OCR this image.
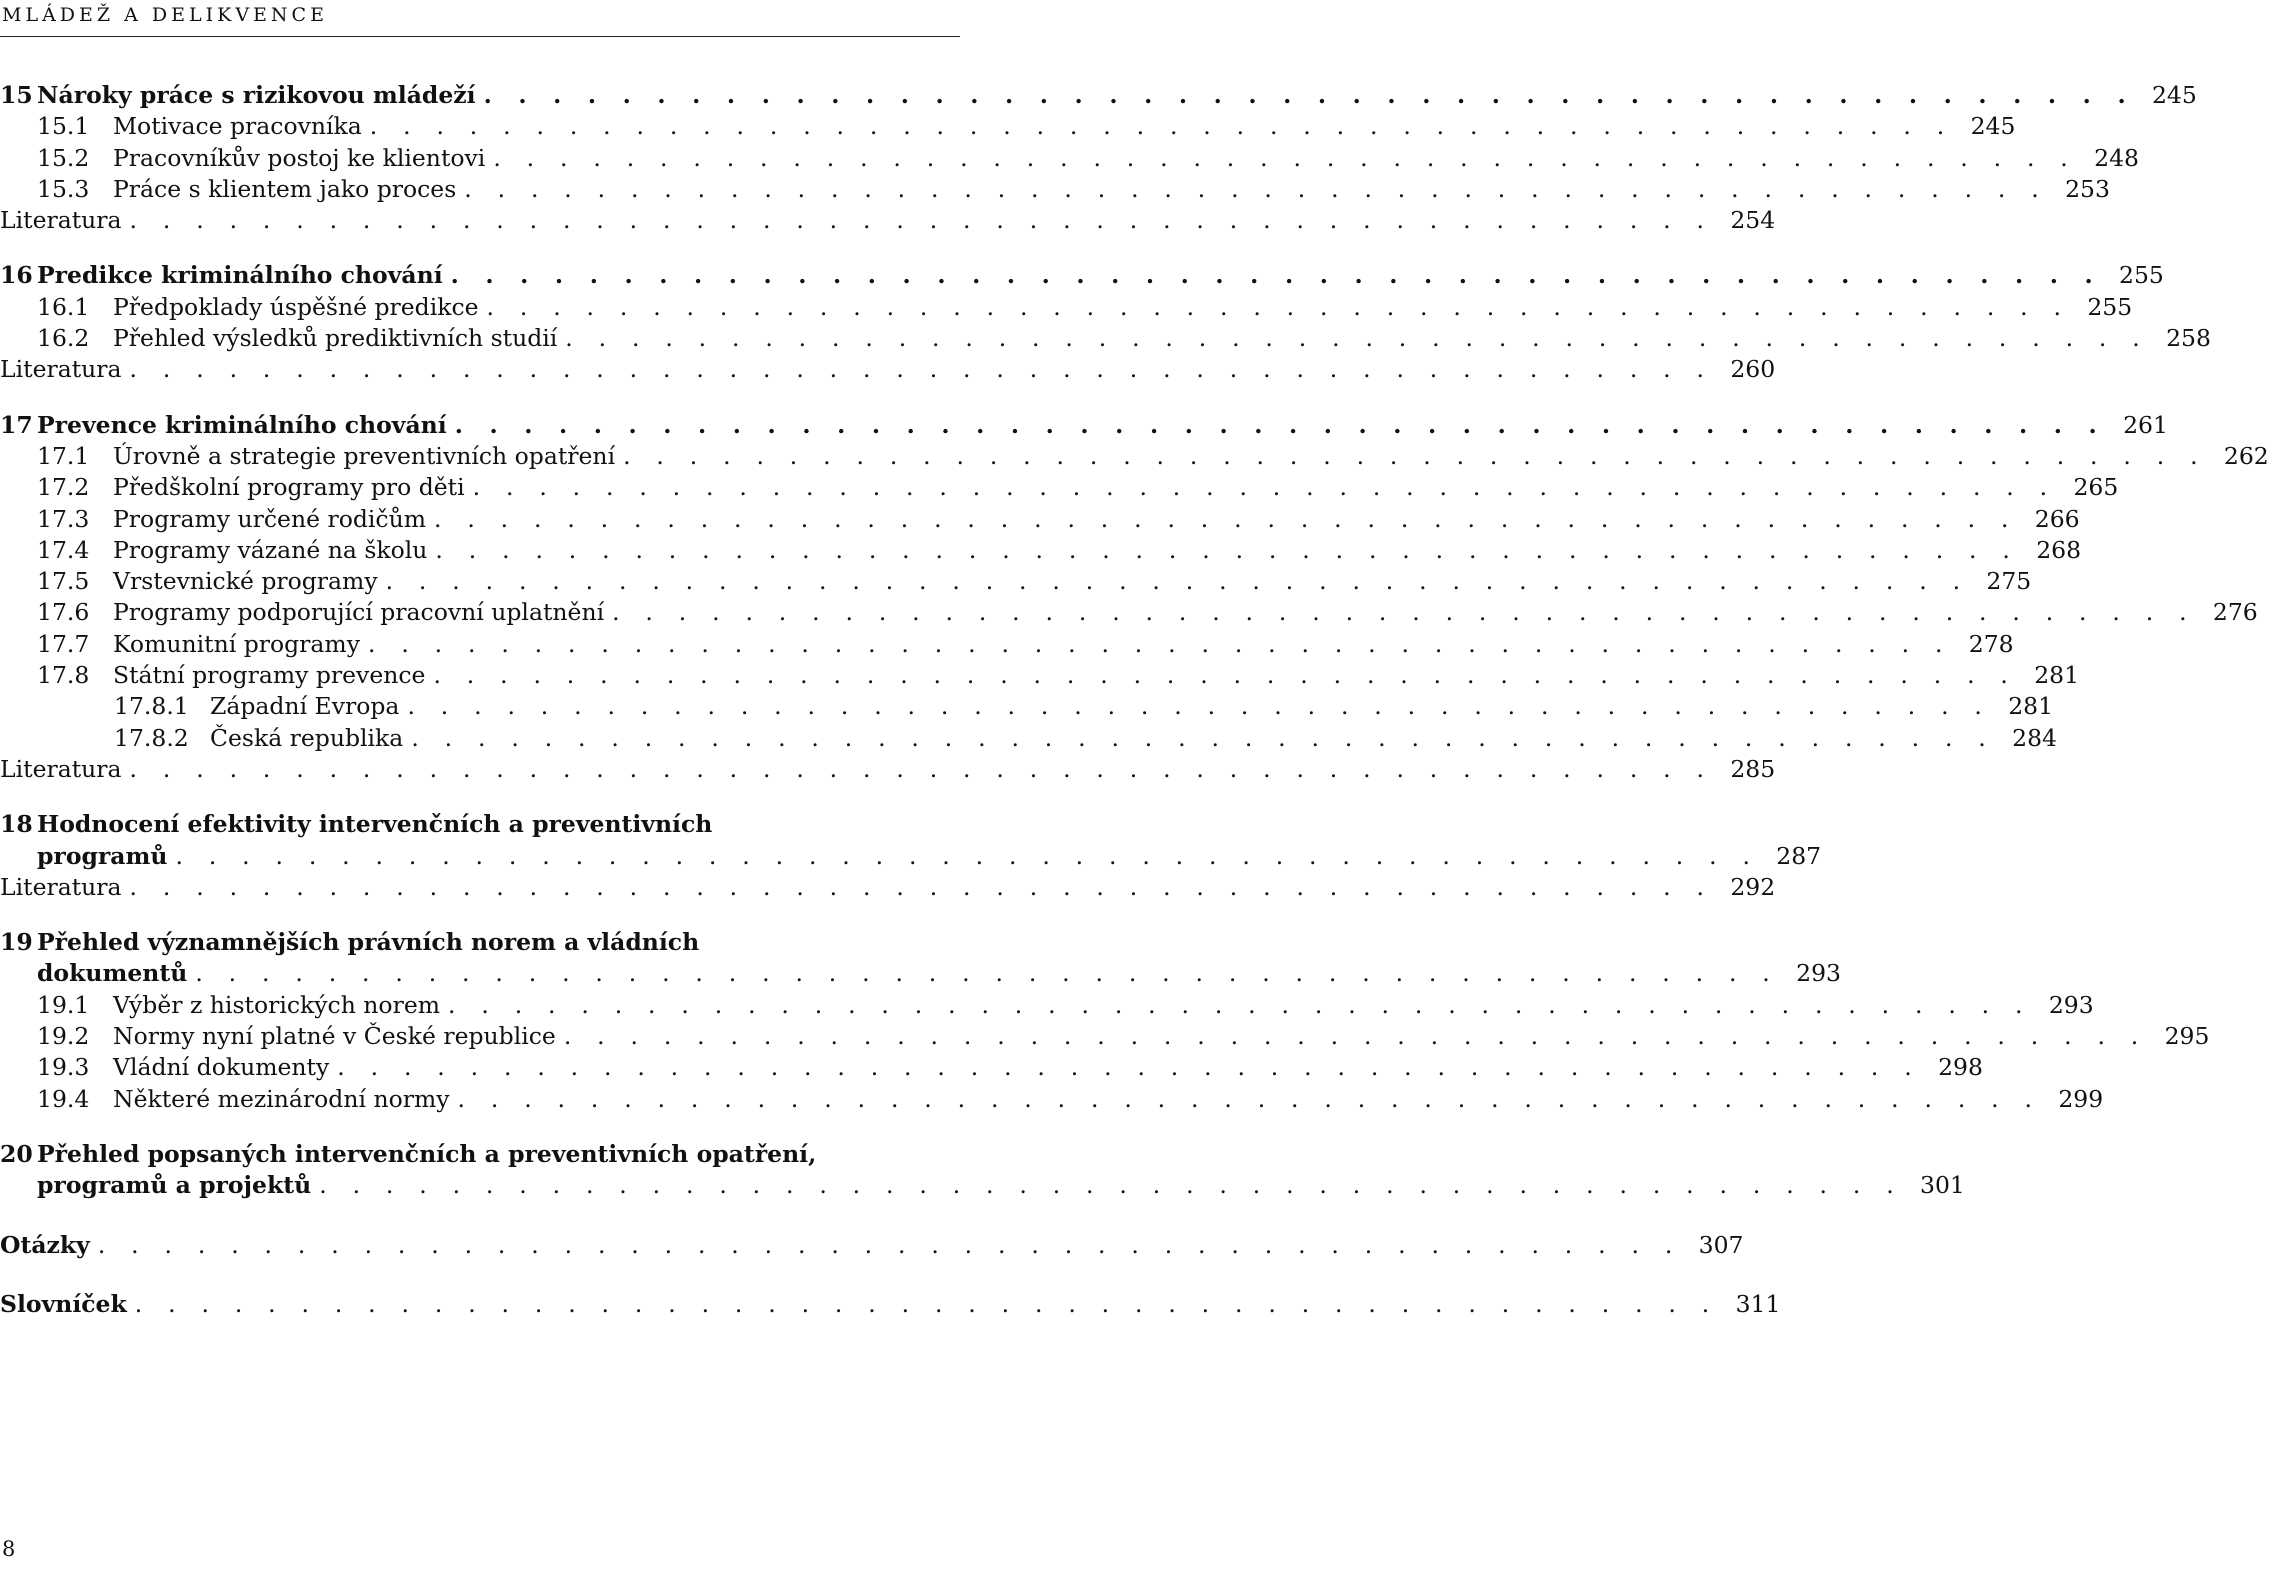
MLÁDEŽ A DELIKVENCE
15 Nároky práce s rizikovou mládeží . . . . . . . . . . . . . . . . . . . . . . . . . . . . . . . . . . . . . . . . . . . . . . . . 245
15.1	Motivace pracovníka . . . . . . . . . . . . . . . . . . . . . . . . . . . . . . . . . . . . . . . . . . . . . . . . 245
15.2	Pracovníkův postoj ke klientovi . . . . . . . . . . . . . . . . . . . . . . . . . . . . . . . . . . . . . . . . . . . . . . . . 248
15.3	Práce s klientem jako proces . . . . . . . . . . . . . . . . . . . . . . . . . . . . . . . . . . . . . . . . . . . . . . . . 253
Literatura . . . . . . . . . . . . . . . . . . . . . . . . . . . . . . . . . . . . . . . . . . . . . . . . 254
16 Predikce kriminálního chování . . . . . . . . . . . . . . . . . . . . . . . . . . . . . . . . . . . . . . . . . . . . . . . . 255
16.1	Předpoklady úspěšné predikce . . . . . . . . . . . . . . . . . . . . . . . . . . . . . . . . . . . . . . . . . . . . . . . . 255
16.2	Přehled výsledků prediktivních studií . . . . . . . . . . . . . . . . . . . . . . . . . . . . . . . . . . . . . . . . . . . . . . . . 258
Literatura . . . . . . . . . . . . . . . . . . . . . . . . . . . . . . . . . . . . . . . . . . . . . . . . 260
17 Prevence kriminálního chování . . . . . . . . . . . . . . . . . . . . . . . . . . . . . . . . . . . . . . . . . . . . . . . . 261
17.1	Úrovně a strategie preventivních opatření . . . . . . . . . . . . . . . . . . . . . . . . . . . . . . . . . . . . . . . . . . . . . . . . 262
17.2	Předškolní programy pro děti . . . . . . . . . . . . . . . . . . . . . . . . . . . . . . . . . . . . . . . . . . . . . . . . 265
17.3	Programy určené rodičům . . . . . . . . . . . . . . . . . . . . . . . . . . . . . . . . . . . . . . . . . . . . . . . . 266
17.4	Programy vázané na školu . . . . . . . . . . . . . . . . . . . . . . . . . . . . . . . . . . . . . . . . . . . . . . . . 268
17.5	Vrstevnické programy . . . . . . . . . . . . . . . . . . . . . . . . . . . . . . . . . . . . . . . . . . . . . . . . 275
17.6	Programy podporující pracovní uplatnění . . . . . . . . . . . . . . . . . . . . . . . . . . . . . . . . . . . . . . . . . . . . . . . . 276
17.7	Komunitní programy . . . . . . . . . . . . . . . . . . . . . . . . . . . . . . . . . . . . . . . . . . . . . . . . 278
17.8	Státní programy prevence . . . . . . . . . . . . . . . . . . . . . . . . . . . . . . . . . . . . . . . . . . . . . . . . 281
17.8.1 Západní Evropa . . . . . . . . . . . . . . . . . . . . . . . . . . . . . . . . . . . . . . . . . . . . . . . . 281
17.8.2 Česká republika . . . . . . . . . . . . . . . . . . . . . . . . . . . . . . . . . . . . . . . . . . . . . . . . 284
Literatura . . . . . . . . . . . . . . . . . . . . . . . . . . . . . . . . . . . . . . . . . . . . . . . . 285
18 Hodnocení efektivity intervenčních a preventivních
programů . . . . . . . . . . . . . . . . . . . . . . . . . . . . . . . . . . . . . . . . . . . . . . . . 287
Literatura . . . . . . . . . . . . . . . . . . . . . . . . . . . . . . . . . . . . . . . . . . . . . . . . 292
19 Přehled významnějších právních norem a vládních
dokumentů . . . . . . . . . . . . . . . . . . . . . . . . . . . . . . . . . . . . . . . . . . . . . . . . 293
19.1	Výběr z historických norem . . . . . . . . . . . . . . . . . . . . . . . . . . . . . . . . . . . . . . . . . . . . . . . . 293
19.2	Normy nyní platné v České republice . . . . . . . . . . . . . . . . . . . . . . . . . . . . . . . . . . . . . . . . . . . . . . . . 295
19.3	Vládní dokumenty . . . . . . . . . . . . . . . . . . . . . . . . . . . . . . . . . . . . . . . . . . . . . . . . 298
19.4	Některé mezinárodní normy . . . . . . . . . . . . . . . . . . . . . . . . . . . . . . . . . . . . . . . . . . . . . . . . 299
20 Přehled popsaných intervenčních a preventivních opatření,
programů a projektů . . . . . . . . . . . . . . . . . . . . . . . . . . . . . . . . . . . . . . . . . . . . . . . . 301
Otázky . . . . . . . . . . . . . . . . . . . . . . . . . . . . . . . . . . . . . . . . . . . . . . . . 307
Slovníček . . . . . . . . . . . . . . . . . . . . . . . . . . . . . . . . . . . . . . . . . . . . . . . . 311
8
